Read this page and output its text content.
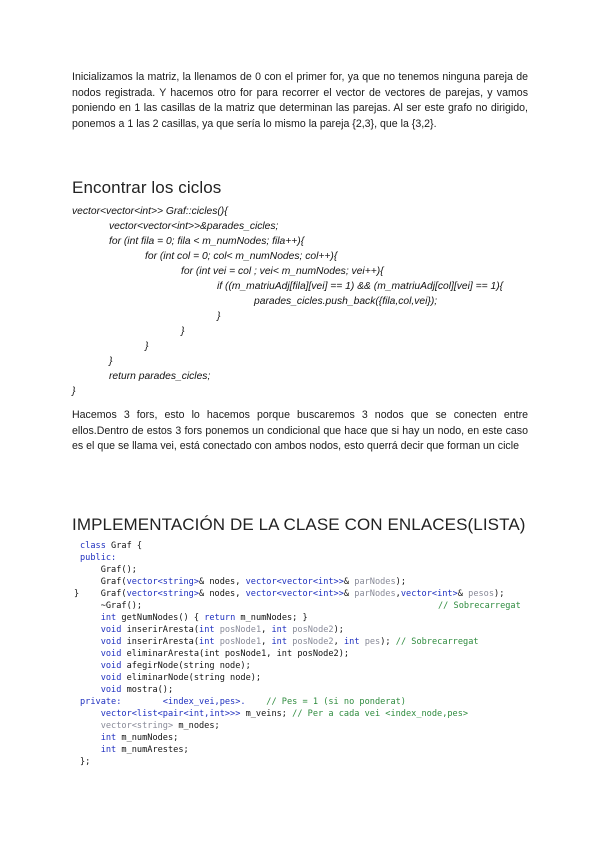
Inicializamos la matriz, la llenamos de 0 con el primer for, ya que no tenemos ninguna pareja de nodos registrada. Y hacemos otro for para recorrer el vector de vectores de parejas, y vamos poniendo en 1 las casillas de la matriz que determinan las parejas. Al ser este grafo no dirigido, ponemos a 1 las 2 casillas, ya que sería lo mismo la pareja {2,3}, que la {3,2}.

Encontrar los ciclos
vector<vector<int>> Graf::cicles(){
vector<vector<int>>&parades_cicles;
for (int fila = 0; fila < m_numNodes; fila++){
for (int col = 0; col< m_numNodes; col++){
for (int vei = col ; vei< m_numNodes; vei++){
if ((m_matriuAdj[fila][vei] == 1) && (m_matriuAdj[col][vei] == 1){
parades_cicles.push_back({fila,col,vei});
}
}
}
}
return parades_cicles;
}

Hacemos 3 fors, esto lo hacemos porque buscaremos 3 nodos que se conecten entre ellos.Dentro de estos 3 fors ponemos un condicional que hace que si hay un nodo, en este caso es el que se llama vei, está conectado con ambos nodos, esto querrá decir que forman un cicle

IMPLEMENTACIÓN DE LA CLASE CON ENLACES(LISTA)
class Graf {
public:
Graf();
Graf(vector<string>& nodes, vector<vector<int>>& parNodes);
} Graf(vector<string>& nodes, vector<vector<int>>& parNodes,vector<int>& pesos);
~Graf();	// Sobrecarregat
int getNumNodes() { return m_numNodes; }
void inserirAresta(int posNode1, int posNode2);
void inserirAresta(int posNode1, int posNode2, int pes); // Sobrecarregat
void eliminarAresta(int posNode1, int posNode2);
void afegirNode(string node);
void eliminarNode(string node);
void mostra();
private:        <index_vei,pes>.    // Pes = 1 (si no ponderat)
vector<list<pair<int,int>>> m_veins; // Per a cada vei <index_node,pes>
vector<string> m_nodes;
int m_numNodes;
int m_numArestes;
};
